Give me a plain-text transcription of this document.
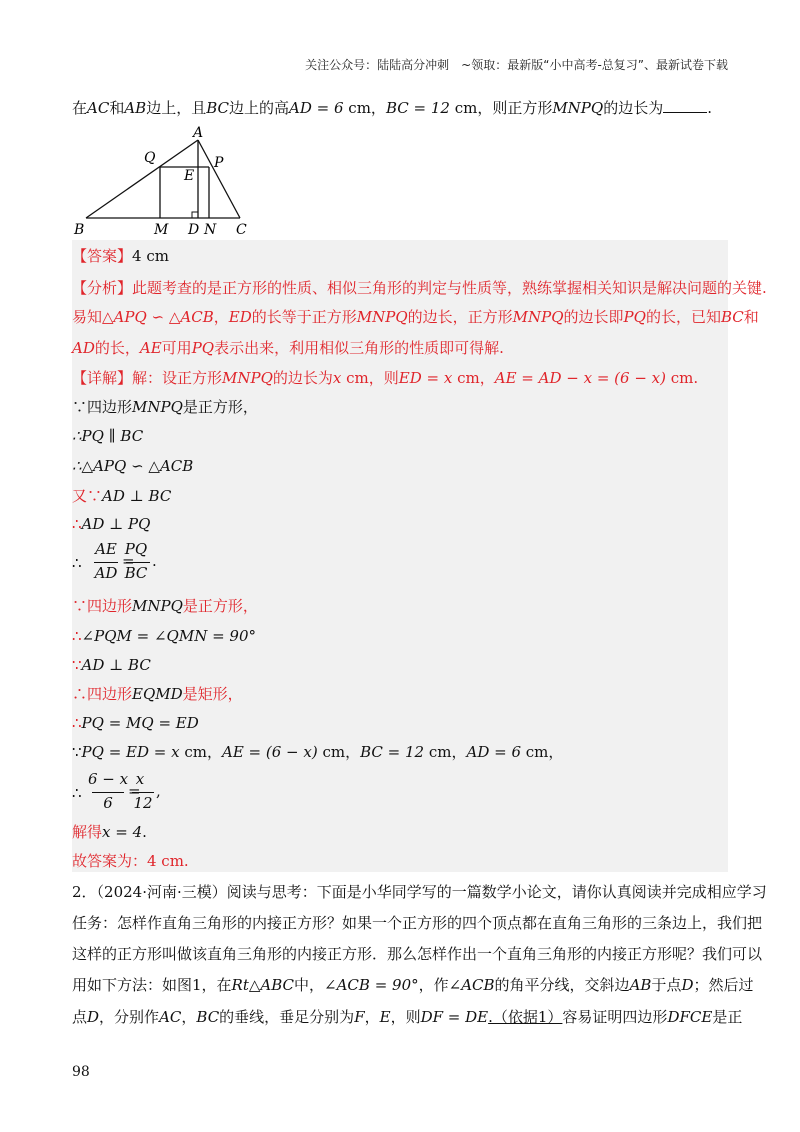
关注公众号：陆陆高分冲刺　~领取：最新版“小中高考-总复习”、最新试卷下载
在AC和AB边上，且BC边上的高AD = 6 cm，BC = 12 cm，则正方形MNPQ的边长为	.
A
Q	P
E
B	M D N C
【答案】4 cm
【分析】此题考查的是正方形的性质、相似三角形的判定与性质等，熟练掌握相关知识是解决问题的关键.
易知△APQ ∽ △ACB，ED的长等于正方形MNPQ的边长，正方形MNPQ的边长即PQ的长，已知BC和
AD的长，AE可用PQ表示出来，利用相似三角形的性质即可得解.
【详解】解：设正方形MNPQ的边长为x cm，则ED = x cm，AE = AD − x = (6 − x) cm.
∵四边形MNPQ是正方形，
∴PQ ∥ BC
∴△APQ ∽ △ACB
又∵AD ⊥ BC
∴AD ⊥ PQ
∴
AE
AD
=
PQ
BC
.
∵四边形MNPQ是正方形，
∴∠PQM = ∠QMN = 90°
∵AD ⊥ BC
∴四边形EQMD是矩形，
∴PQ = MQ = ED
∵PQ = ED = x cm，AE = (6 − x) cm，BC = 12 cm，AD = 6 cm，
∴
6 − x
6
=
x
12
,
解得x = 4.
故答案为：4 cm.
2．（2024·河南·三模）阅读与思考：下面是小华同学写的一篇数学小论文，请你认真阅读并完成相应学习
任务：怎样作直角三角形的内接正方形？如果一个正方形的四个顶点都在直角三角形的三条边上，我们把
这样的正方形叫做该直角三角形的内接正方形．那么怎样作出一个直角三角形的内接正方形呢？我们可以
用如下方法：如图1，在Rt△ABC中，∠ACB = 90°，作∠ACB的角平分线，交斜边AB于点D；然后过
点D，分别作AC，BC的垂线，垂足分别为F，E，则DF = DE.（依据1）容易证明四边形DFCE是正
98
